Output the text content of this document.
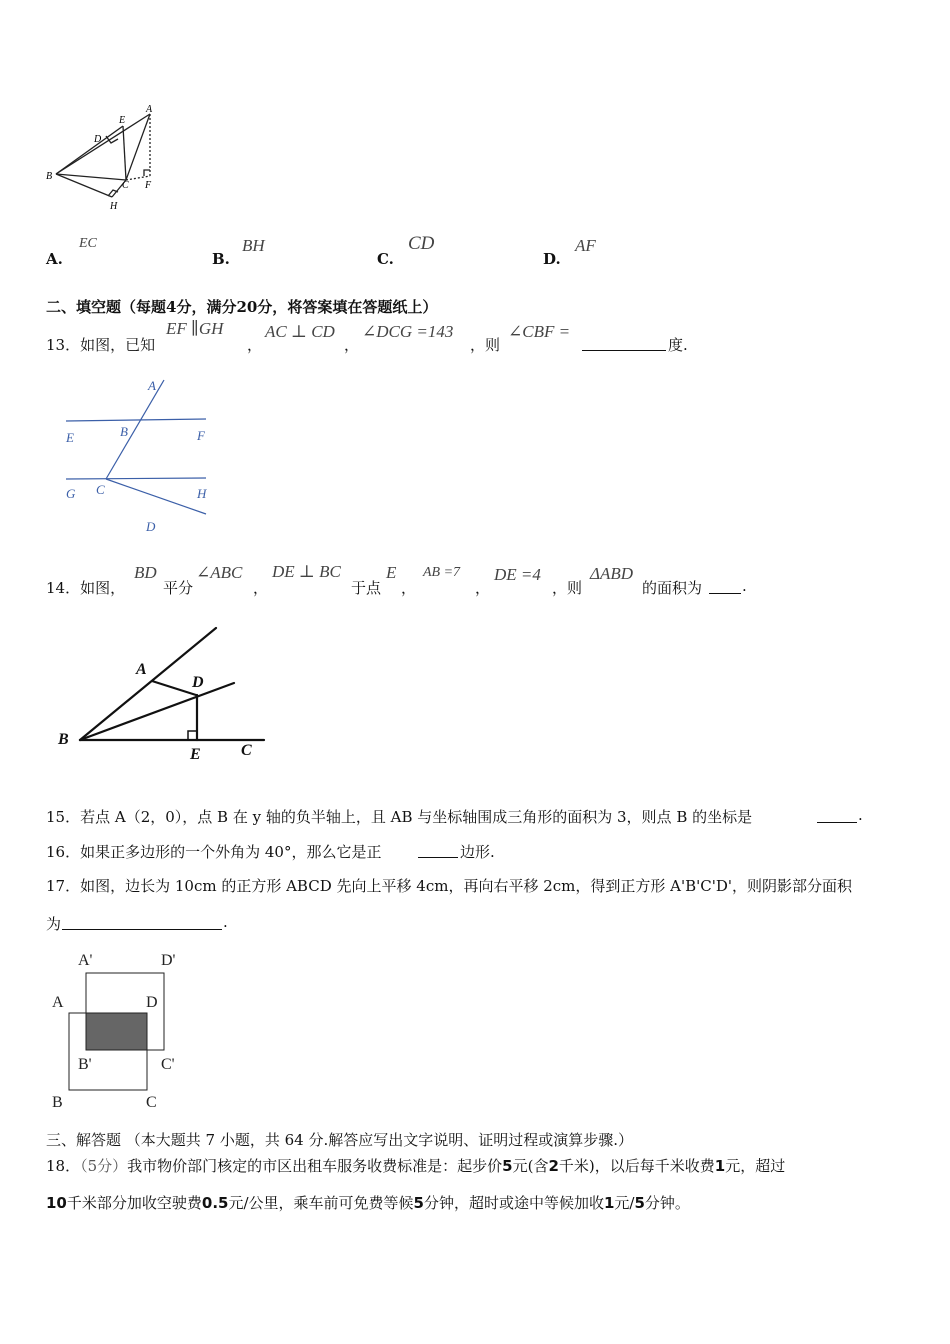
A
E
D
B
C F
H
A.
EC
B.
BH
C.
CD
D.
AF
二、填空题（每题4分，满分20分，将答案填在答题纸上）
13．如图，已知
EF ∥GH
，
AC ⊥ CD
，
∠DCG =143
，则
∠CBF =
度.
A
B
E	F
G C	H
D
14．如图，
BD
平分
∠ABC
，
DE ⊥ BC
于点
E
，
AB =7
，
DE =4
，则
ΔABD
的面积为	.
A
D
B
E	C
15．若点 A（2，0），点 B 在 y 轴的负半轴上，且 AB 与坐标轴围成三角形的面积为 3，则点 B 的坐标是	.
16．如果正多边形的一个外角为 40°，那么它是正	边形.
17．如图，边长为 10cm 的正方形 ABCD 先向上平移 4cm，再向右平移 2cm，得到正方形 A'B'C'D'，则阴影部分面积
为	.
A'	D'
A	D
B'	C'
B	C
三、解答题 （本大题共 7 小题，共 64 分.解答应写出文字说明、证明过程或演算步骤.）
18．（5分）我市物价部门核定的市区出租车服务收费标准是：起步价5元(含2千米)，以后每千米收费1元，超过
10千米部分加收空驶费0.5元/公里，乘车前可免费等候5分钟，超时或途中等候加收1元/5分钟。
